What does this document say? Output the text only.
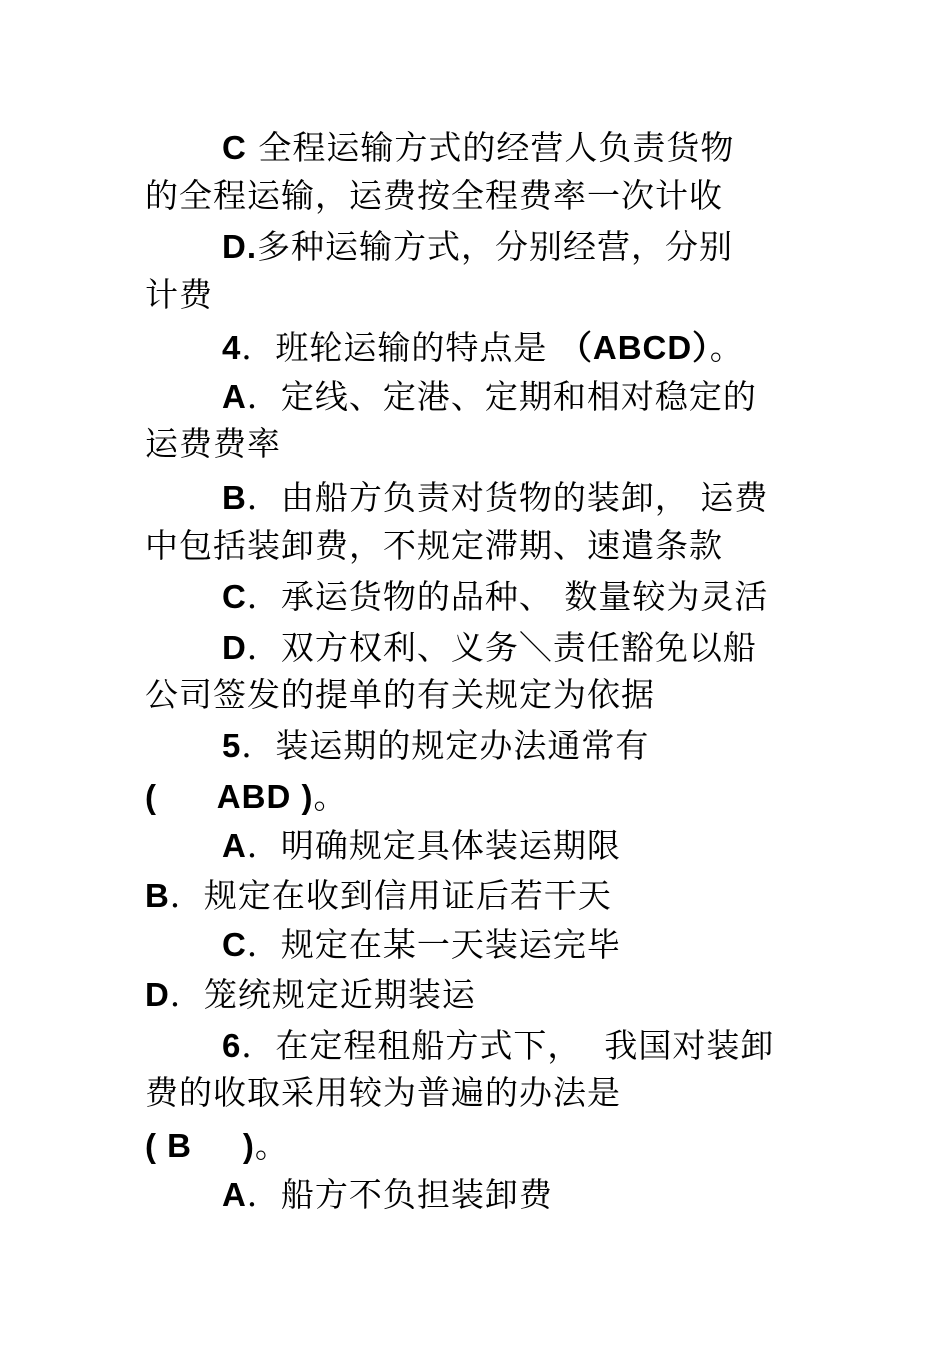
C 全程运输方式的经营人负责货物
的全程运输，运费按全程费率一次计收
D.多种运输方式，分别经营，分别
计费
4．班轮运输的特点是 （ABCD）。
A．定线、定港、定期和相对稳定的
运费费率
B．由船方负责对货物的装卸， 运费
中包括装卸费，不规定滞期、速遣条款
C．承运货物的品种、 数量较为灵活
D．双方权利、义务＼责任豁免以船
公司签发的提单的有关规定为依据
5．装运期的规定办法通常有
(      ABD )。
A．明确规定具体装运期限
B．规定在收到信用证后若干天
C．规定在某一天装运完毕
D．笼统规定近期装运
6．在定程租船方式下，  我国对装卸
费的收取采用较为普遍的办法是
( B     )。
A．船方不负担装卸费
